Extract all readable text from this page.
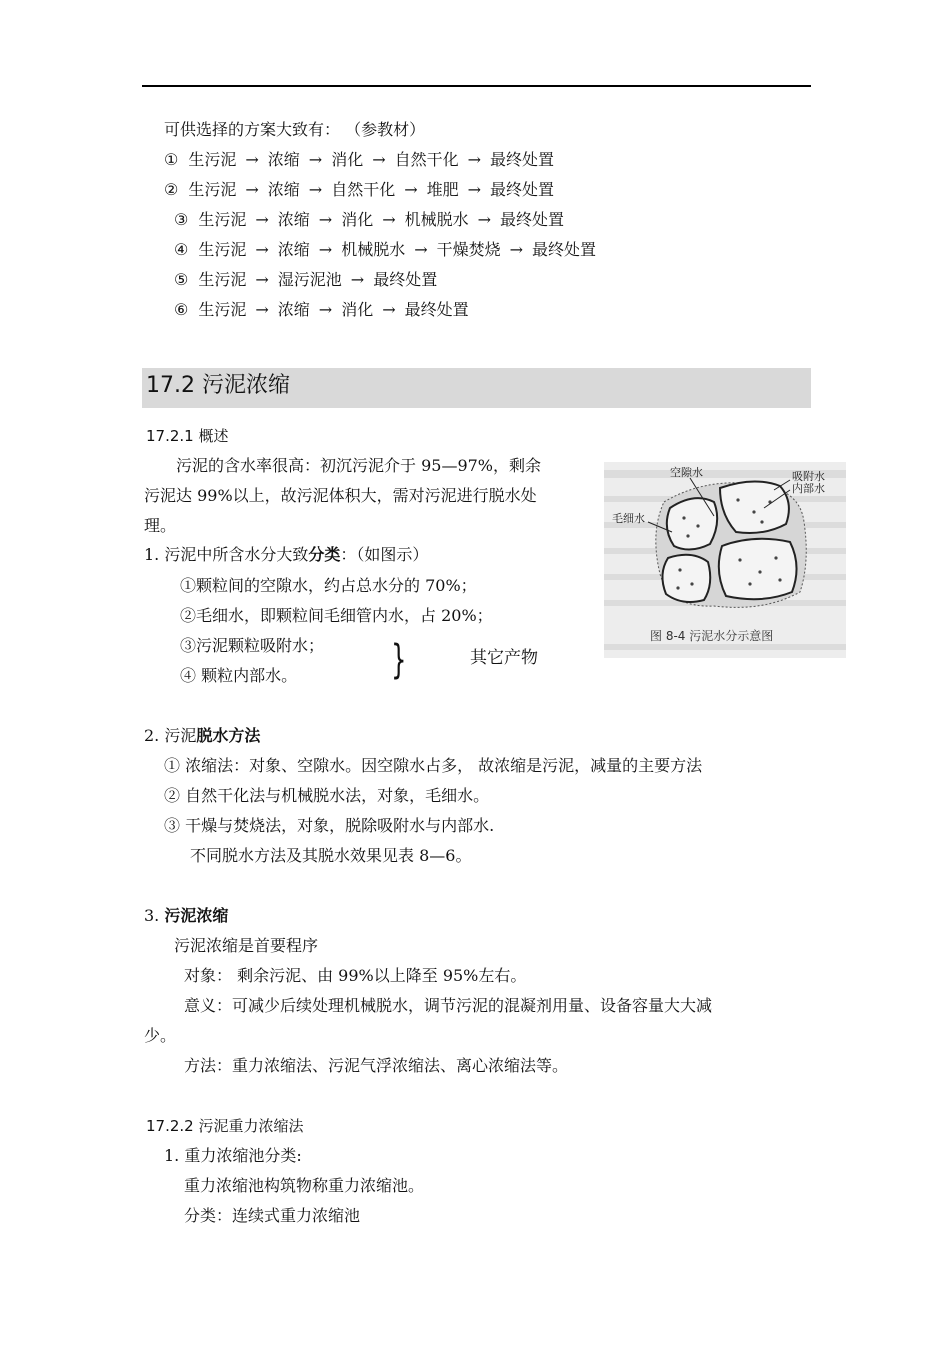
可供选择的方案大致有： （参教材）
① 生污泥 → 浓缩 → 消化 → 自然干化 → 最终处置
② 生污泥 → 浓缩 → 自然干化 → 堆肥 → 最终处置
③ 生污泥 → 浓缩 → 消化 → 机械脱水 → 最终处置
④ 生污泥 → 浓缩 → 机械脱水 → 干燥焚烧 → 最终处置
⑤ 生污泥 → 湿污泥池 → 最终处置
⑥ 生污泥 → 浓缩 → 消化 → 最终处置
17.2 污泥浓缩
17.2.1 概述
污泥的含水率很高：初沉污泥介于 95—97%，剩余
污泥达 99%以上，故污泥体积大，需对污泥进行脱水处
理。
1. 污泥中所含水分大致分类：（如图示）
①颗粒间的空隙水，约占总水分的 70%；
②毛细水，即颗粒间毛细管内水，占 20%；
③污泥颗粒吸附水；
④ 颗粒内部水。 }	其它产物
空隙水	吸附水
内部水
毛细水
图 8-4 污泥水分示意图
2. 污泥脱水方法
① 浓缩法：对象、空隙水。因空隙水占多， 故浓缩是污泥，减量的主要方法
② 自然干化法与机械脱水法，对象，毛细水。
③ 干燥与焚烧法，对象，脱除吸附水与内部水.
不同脱水方法及其脱水效果见表 8—6。
3. 污泥浓缩
污泥浓缩是首要程序
对象： 剩余污泥、由 99%以上降至 95%左右。
意义：可减少后续处理机械脱水，调节污泥的混凝剂用量、设备容量大大减
少。
方法：重力浓缩法、污泥气浮浓缩法、离心浓缩法等。
17.2.2 污泥重力浓缩法
1. 重力浓缩池分类:
重力浓缩池构筑物称重力浓缩池。
分类：连续式重力浓缩池
